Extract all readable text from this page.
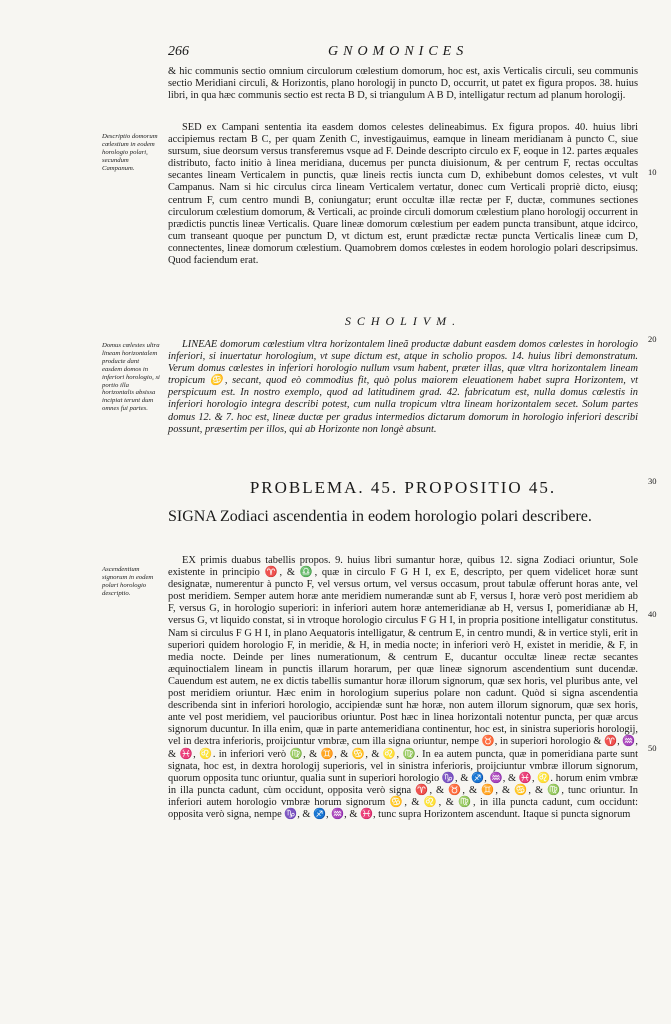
266	GNOMONICES

& hic communis sectio omnium circulorum cœlestium domorum, hoc est, axis Verticalis circuli, seu communis sectio Meridiani circuli, & Horizontis, plano horologij in puncto D, occurrit, ut patet ex figura propos. 38. huius libri, in qua hæc communis sectio est recta B D, si triangulum A B D, intelligatur rectum ad planum horologij.

Descriptio domorum cœlestium in eodem horologio polari, secundum Campanum.

SED ex Campani sententia ita easdem domos celestes delineabimus. Ex figura propos. 40. huius libri accipiemus rectam B C, per quam Zenith C, investigauimus, eamque in lineam meridianam à puncto C, siue sursum, siue deorsum versus transferemus vsque ad F. Deinde descripto circulo ex F, eoque in 12. partes æquales distributo, facto initio à linea meridiana, ducemus per puncta diuisionum, & per centrum F, rectas occultas secantes lineam Verticalem in punctis, quæ lineis rectis iuncta cum D, exhibebunt domos celestes, vt vult Campanus. Nam si hic circulus circa lineam Verticalem vertatur, donec cum Verticali propriè dicto, eiusq; centrum F, cum centro mundi B, coniungatur; erunt occultæ illæ rectæ per F, ductæ, communes sectiones circulorum cœlestium domorum, & Verticali, ac proinde circuli domorum cœlestium plano horologij occurrent in prædictis punctis lineæ Verticalis. Quare lineæ domorum cœlestium per eadem puncta transibunt, atque idcirco, cum transeant quoque per punctum D, vt dictum est, erunt prædictæ rectæ puncta Verticalis lineæ cum D, connectentes, lineæ domorum cœlestium. Quamobrem domos cœlestes in eodem horologio polari descripsimus. Quod faciendum erat.

10
SCHOLIVM.
20
Domus cœlestes ultra lineam horizontalem producte dant easdem domos in inferiori horologio, si portio illa horizontalis absissa incipiat terunt dum omnes fui partes.

LINEAE domorum cœlestium vltra horizontalem lineã productæ dabunt easdem domos cœlestes in horologio inferiori, si inuertatur horologium, vt supe dictum est, atque in scholio propos. 14. huius libri demonstratum. Verum domus cœlestes in inferiori horologio nullum vsum habent, præter illas, quæ vltra horizontalem lineam tropicum ♋, secant, quod eò commodius fit, quò polus maiorem eleuationem habet supra Horizontem, vt perspicuum est. In nostro exemplo, quod ad latitudinem grad. 42. fabricatum est, nulla domus cœlestis in inferiori horologio integra describi potest, cum nulla tropicum vltra lineam horizontalem secet. Solum partes domus 12. & 7. hoc est, lineæ ductæ per gradus intermedios dictarum domorum in horologio inferiori describi possunt, præsertim per illos, qui ab Horizonte non longè absunt.

PROBLEMA. 45. PROPOSITIO 45.	30

SIGNA Zodiaci ascendentia in eodem horologio polari describere.

Ascendentium signorum in eodem polari horologio descriptio.

EX primis duabus tabellis propos. 9. huius libri sumantur horæ, quibus 12. signa Zodiaci oriuntur, Sole existente in principio ♈, & ♎, quæ in circulo F G H I, ex E, descripto, per quem videlicet horæ sunt designatæ, numerentur à puncto F, vel versus ortum, vel versus occasum, prout tabulæ offerunt horas ante, vel post meridiem. Semper autem horæ ante meridiem numerandæ sunt ab F, versus I, horæ verò post meridiem ab F, versus G, in horologio superiori: in inferiori autem horæ antemeridianæ ab H, versus I, pomeridianæ ab H, versus G, vt liquido constat, si in vtroque horologio circulus F G H I, in propria positione intelligatur constitutus. Nam si circulus F G H I, in plano Aequatoris intelligatur, & centrum E, in centro mundi, & in vertice styli, erit in superiori quidem horologio F, in meridie, & H, in media nocte; in inferiori verò H, existet in meridie, & F, in media nocte. Deinde per lines numerationum, & centrum E, ducantur occultæ lineæ rectæ secantes æquinoctialem lineam in punctis illarum horarum, per quæ lineæ signorum ascendentium sunt ducendæ. Cauendum est autem, ne ex dictis tabellis sumantur horæ illorum signorum, quæ sex horis, vel pluribus ante, vel post meridiem oriuntur. Hæc enim in horologium superius polare non cadunt. Quòd si signa ascendentia describenda sint in inferiori horologio, accipiendæ sunt hæ horæ, non autem illorum signorum, quæ sex horis, ante vel post meridiem, vel paucioribus oriuntur. Post hæc in linea horizontali notentur puncta, per quæ arcus signorum ducuntur. In illa enim, quæ in parte antemeridiana continentur, hoc est, in sinistra superioris horologij, vel in dextra inferioris, proijciuntur vmbræ, cum illa signa oriuntur, nempe ♉, in superiori horologio & ♈, ♒, & ♓, ♌. in inferiori verò ♍, & ♊, & ♋, & ♌, ♍. In ea autem puncta, quæ in pomeridiana parte sunt signata, hoc est, in dextra horologij superioris, vel in sinistra inferioris, proijciuntur vmbræ illorum signorum, quorum opposita tunc oriuntur, qualia sunt in superiori horologio ♑, & ♐, ♒, & ♓, ♌. horum enim vmbræ in illa puncta cadunt, cùm occidunt, opposita verò signa ♈, & ♉, & ♊, & ♋, & ♍, tunc oriuntur. In inferiori autem horologio vmbræ horum signorum ♋, & ♌, & ♍, in illa puncta cadunt, cum occidunt: opposita verò signa, nempe ♑, & ♐, ♒, & ♓, tunc supra Horizontem ascendunt. Itaque si puncta signorum

40
50
